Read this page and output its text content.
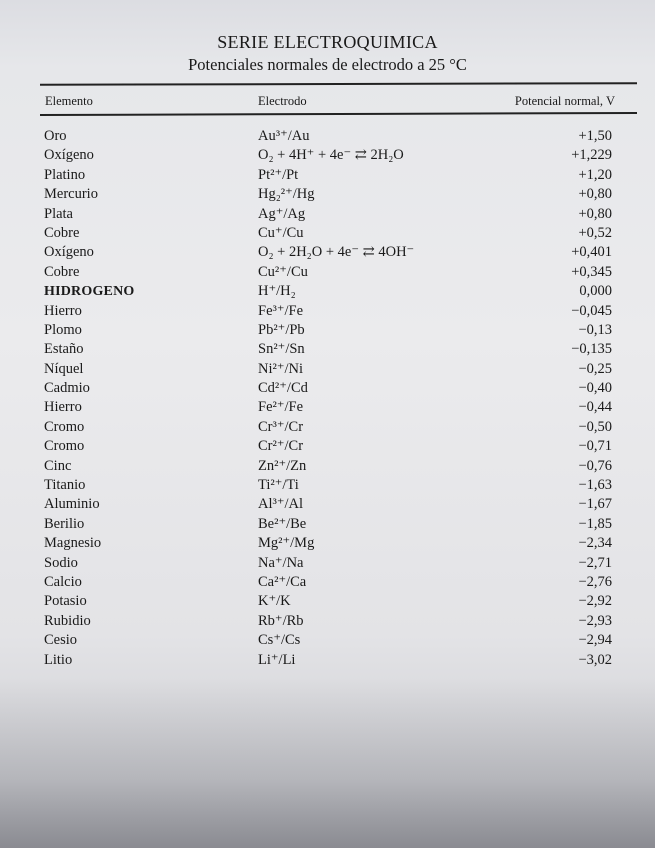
SERIE ELECTROQUIMICA
Potenciales normales de electrodo a 25 °C
Elemento	Electrodo	Potencial normal, V
Oro	Au³⁺/Au	+1,50
Oxígeno	O₂ + 4H⁺ + 4e⁻ ⇄ 2H₂O	+1,229
Platino	Pt²⁺/Pt	+1,20
Mercurio	Hg₂²⁺/Hg	+0,80
Plata	Ag⁺/Ag	+0,80
Cobre	Cu⁺/Cu	+0,52
Oxígeno	O₂ + 2H₂O + 4e⁻ ⇄ 4OH⁻	+0,401
Cobre	Cu²⁺/Cu	+0,345
HIDROGENO	H⁺/H₂	0,000
Hierro	Fe³⁺/Fe	−0,045
Plomo	Pb²⁺/Pb	−0,13
Estaño	Sn²⁺/Sn	−0,135
Níquel	Ni²⁺/Ni	−0,25
Cadmio	Cd²⁺/Cd	−0,40
Hierro	Fe²⁺/Fe	−0,44
Cromo	Cr³⁺/Cr	−0,50
Cromo	Cr²⁺/Cr	−0,71
Cinc	Zn²⁺/Zn	−0,76
Titanio	Ti²⁺/Ti	−1,63
Aluminio	Al³⁺/Al	−1,67
Berilio	Be²⁺/Be	−1,85
Magnesio	Mg²⁺/Mg	−2,34
Sodio	Na⁺/Na	−2,71
Calcio	Ca²⁺/Ca	−2,76
Potasio	K⁺/K	−2,92
Rubidio	Rb⁺/Rb	−2,93
Cesio	Cs⁺/Cs	−2,94
Litio	Li⁺/Li	−3,02
